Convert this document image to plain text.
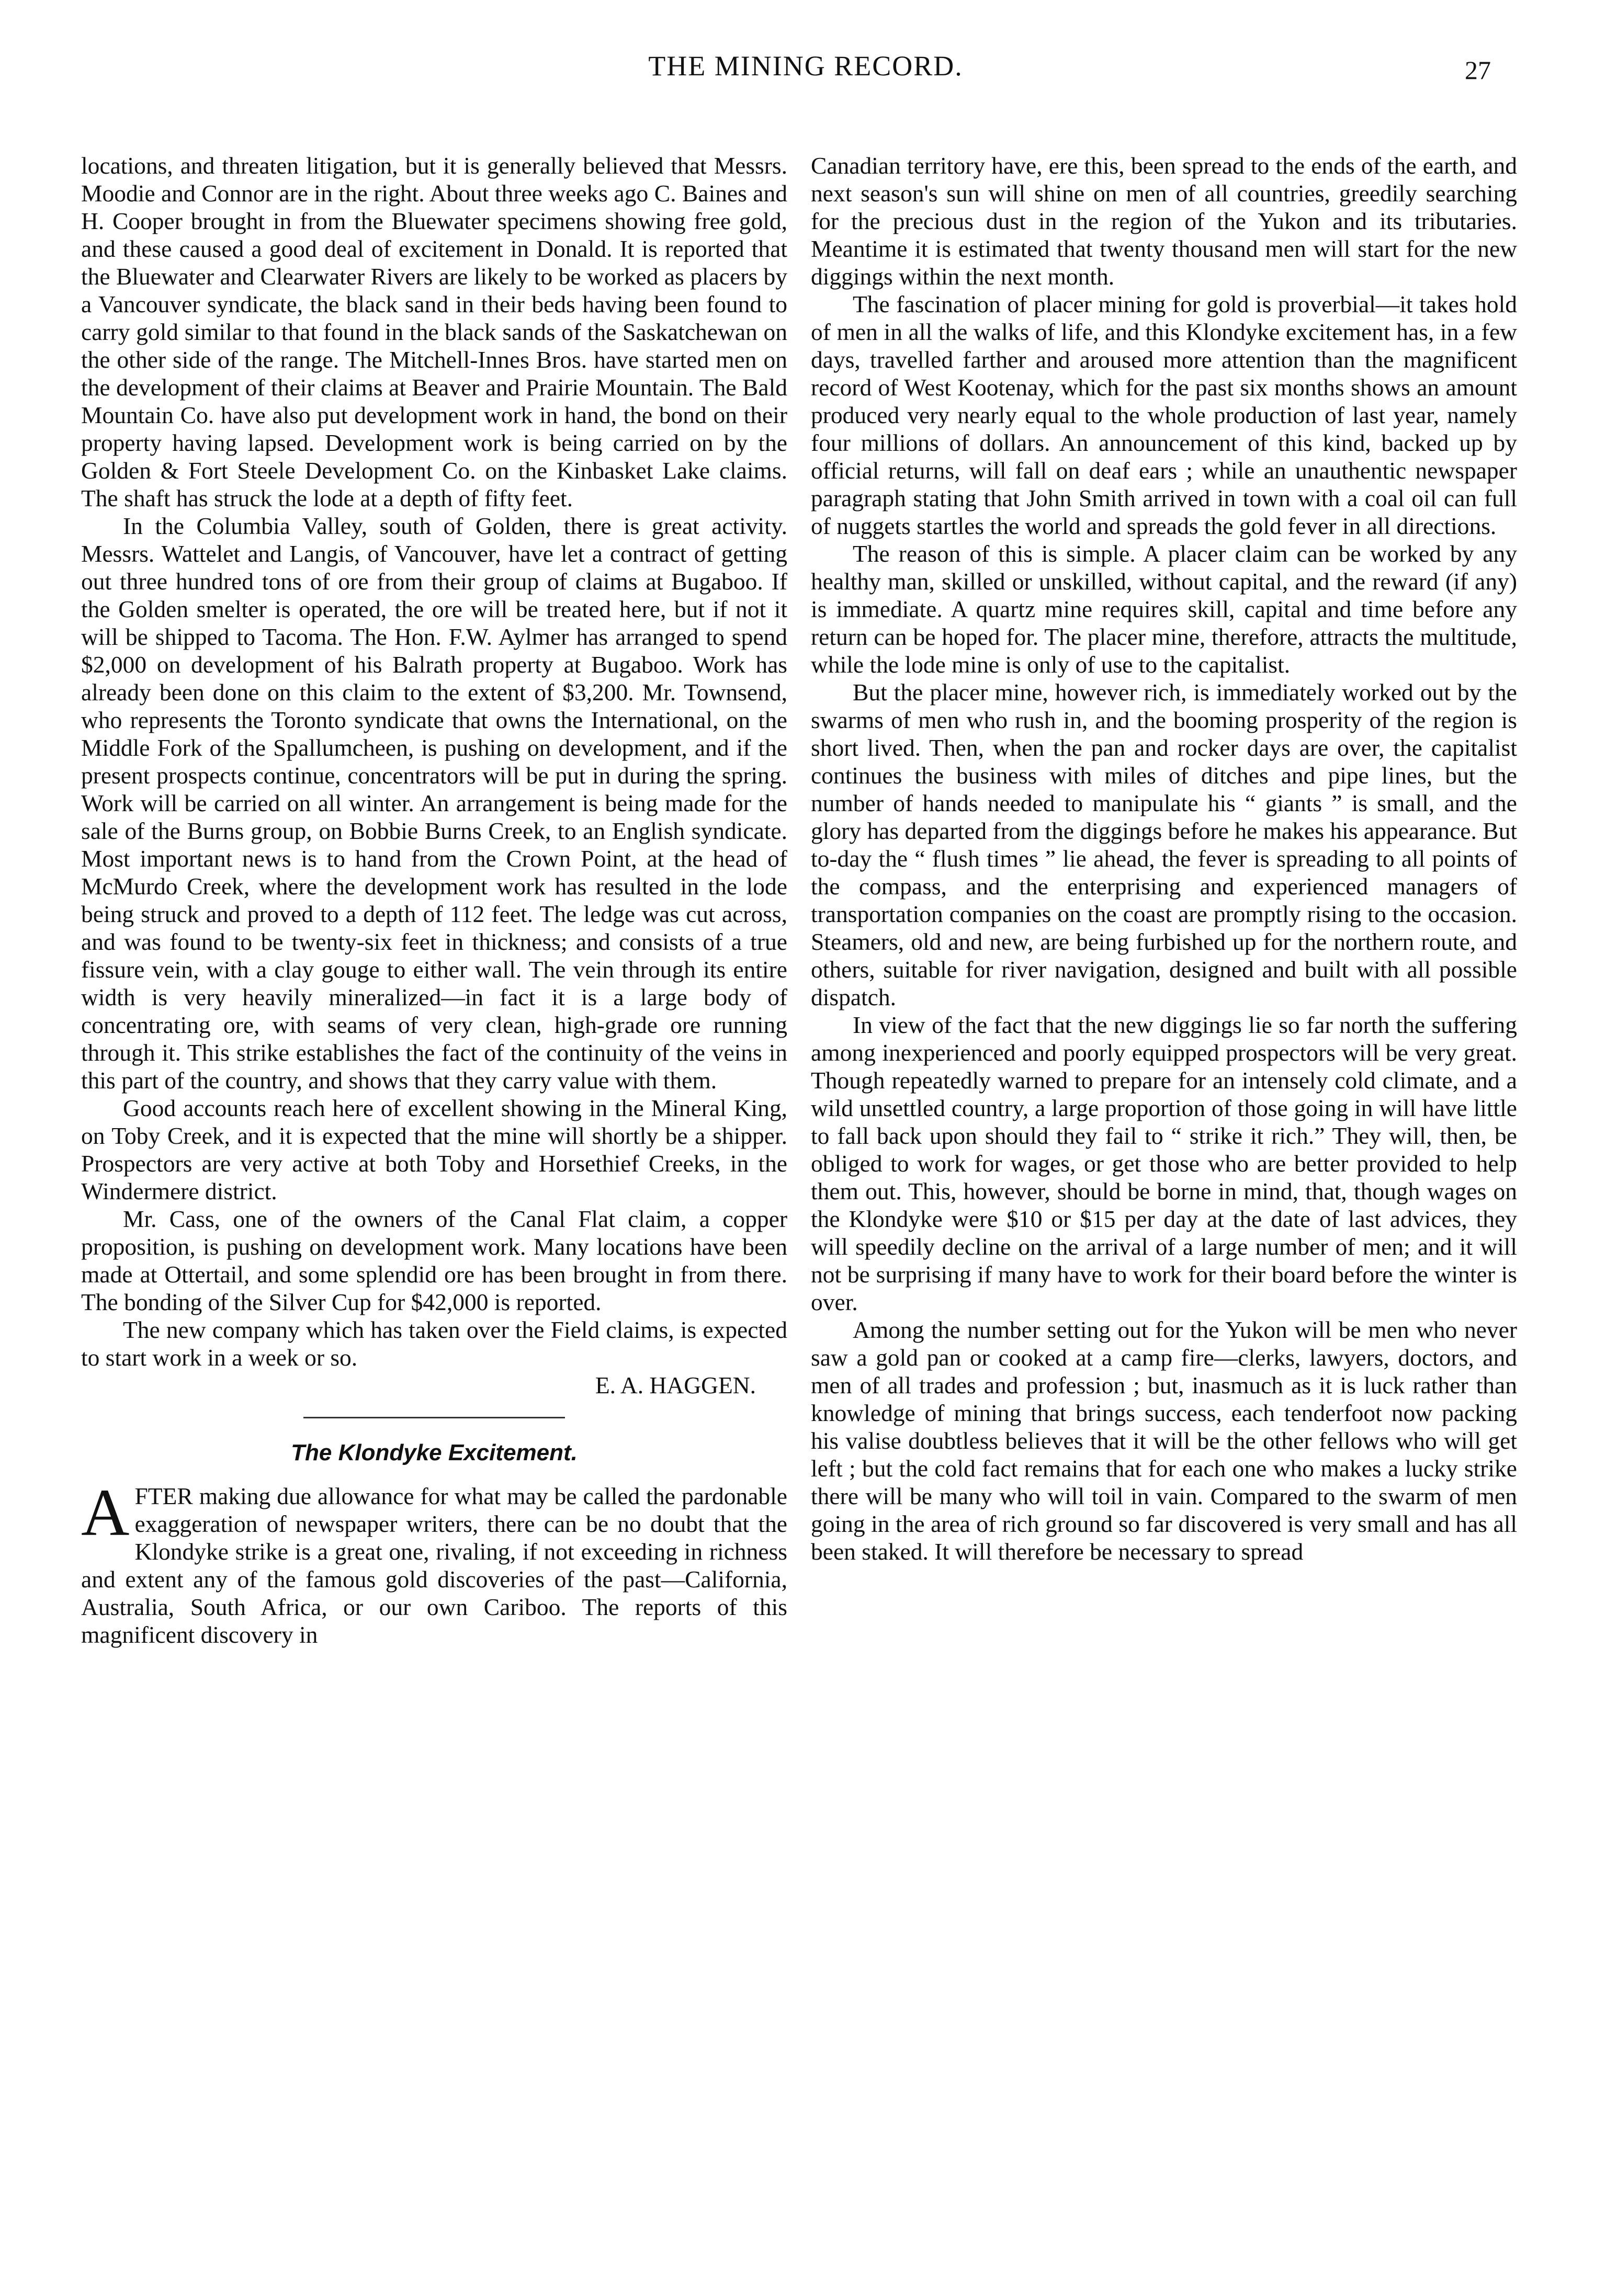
THE MINING RECORD.	27

locations, and threaten litigation, but it is generally believed that Messrs. Moodie and Connor are in the right. About three weeks ago C. Baines and H. Cooper brought in from the Bluewater specimens showing free gold, and these caused a good deal of excitement in Donald. It is reported that the Bluewater and Clearwater Rivers are likely to be worked as placers by a Vancouver syndicate, the black sand in their beds having been found to carry gold similar to that found in the black sands of the Saskatchewan on the other side of the range. The Mitchell-Innes Bros. have started men on the development of their claims at Beaver and Prairie Mountain. The Bald Mountain Co. have also put development work in hand, the bond on their property having lapsed. Development work is being carried on by the Golden & Fort Steele Development Co. on the Kinbasket Lake claims. The shaft has struck the lode at a depth of fifty feet.

In the Columbia Valley, south of Golden, there is great activity. Messrs. Wattelet and Langis, of Vancouver, have let a contract of getting out three hundred tons of ore from their group of claims at Bugaboo. If the Golden smelter is operated, the ore will be treated here, but if not it will be shipped to Tacoma. The Hon. F.W. Aylmer has arranged to spend $2,000 on development of his Balrath property at Bugaboo. Work has already been done on this claim to the extent of $3,200. Mr. Townsend, who represents the Toronto syndicate that owns the International, on the Middle Fork of the Spallumcheen, is pushing on development, and if the present prospects continue, concentrators will be put in during the spring. Work will be carried on all winter. An arrangement is being made for the sale of the Burns group, on Bobbie Burns Creek, to an English syndicate. Most important news is to hand from the Crown Point, at the head of McMurdo Creek, where the development work has resulted in the lode being struck and proved to a depth of 112 feet. The ledge was cut across, and was found to be twenty-six feet in thickness; and consists of a true fissure vein, with a clay gouge to either wall. The vein through its entire width is very heavily mineralized—in fact it is a large body of concentrating ore, with seams of very clean, high-grade ore running through it. This strike establishes the fact of the continuity of the veins in this part of the country, and shows that they carry value with them.

Good accounts reach here of excellent showing in the Mineral King, on Toby Creek, and it is expected that the mine will shortly be a shipper. Prospectors are very active at both Toby and Horsethief Creeks, in the Windermere district.

Mr. Cass, one of the owners of the Canal Flat claim, a copper proposition, is pushing on development work. Many locations have been made at Ottertail, and some splendid ore has been brought in from there. The bonding of the Silver Cup for $42,000 is reported.

The new company which has taken over the Field claims, is expected to start work in a week or so.

E. A. HAGGEN.

The Klondyke Excitement.

AFTER making due allowance for what may be called the pardonable exaggeration of newspaper writers, there can be no doubt that the Klondyke strike is a great one, rivaling, if not exceeding in richness and extent any of the famous gold discoveries of the past—California, Australia, South Africa, or our own Cariboo. The reports of this magnificent discovery in

Canadian territory have, ere this, been spread to the ends of the earth, and next season's sun will shine on men of all countries, greedily searching for the precious dust in the region of the Yukon and its tributaries. Meantime it is estimated that twenty thousand men will start for the new diggings within the next month.

The fascination of placer mining for gold is proverbial—it takes hold of men in all the walks of life, and this Klondyke excitement has, in a few days, travelled farther and aroused more attention than the magnificent record of West Kootenay, which for the past six months shows an amount produced very nearly equal to the whole production of last year, namely four millions of dollars. An announcement of this kind, backed up by official returns, will fall on deaf ears ; while an unauthentic newspaper paragraph stating that John Smith arrived in town with a coal oil can full of nuggets startles the world and spreads the gold fever in all directions.

The reason of this is simple. A placer claim can be worked by any healthy man, skilled or unskilled, without capital, and the reward (if any) is immediate. A quartz mine requires skill, capital and time before any return can be hoped for. The placer mine, therefore, attracts the multitude, while the lode mine is only of use to the capitalist.

But the placer mine, however rich, is immediately worked out by the swarms of men who rush in, and the booming prosperity of the region is short lived. Then, when the pan and rocker days are over, the capitalist continues the business with miles of ditches and pipe lines, but the number of hands needed to manipulate his “ giants ” is small, and the glory has departed from the diggings before he makes his appearance. But to-day the “ flush times ” lie ahead, the fever is spreading to all points of the compass, and the enterprising and experienced managers of transportation companies on the coast are promptly rising to the occasion. Steamers, old and new, are being furbished up for the northern route, and others, suitable for river navigation, designed and built with all possible dispatch.

In view of the fact that the new diggings lie so far north the suffering among inexperienced and poorly equipped prospectors will be very great. Though repeatedly warned to prepare for an intensely cold climate, and a wild unsettled country, a large proportion of those going in will have little to fall back upon should they fail to “ strike it rich.” They will, then, be obliged to work for wages, or get those who are better provided to help them out. This, however, should be borne in mind, that, though wages on the Klondyke were $10 or $15 per day at the date of last advices, they will speedily decline on the arrival of a large number of men; and it will not be surprising if many have to work for their board before the winter is over.

Among the number setting out for the Yukon will be men who never saw a gold pan or cooked at a camp fire—clerks, lawyers, doctors, and men of all trades and profession ; but, inasmuch as it is luck rather than knowledge of mining that brings success, each tenderfoot now packing his valise doubtless believes that it will be the other fellows who will get left ; but the cold fact remains that for each one who makes a lucky strike there will be many who will toil in vain. Compared to the swarm of men going in the area of rich ground so far discovered is very small and has all been staked. It will therefore be necessary to spread
